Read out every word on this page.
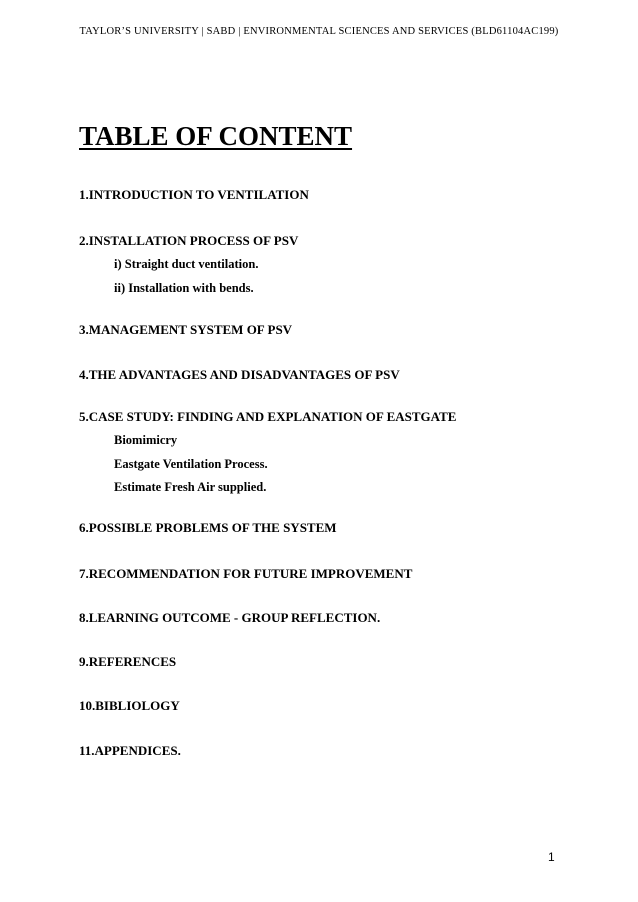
TAYLOR’S UNIVERSITY | SABD | ENVIRONMENTAL SCIENCES AND SERVICES (BLD61104AC199)
TABLE OF CONTENT
1.INTRODUCTION TO VENTILATION
2.INSTALLATION PROCESS OF PSV
i) Straight duct ventilation.
ii) Installation with bends.
3.MANAGEMENT SYSTEM OF PSV
4.THE ADVANTAGES AND DISADVANTAGES OF PSV
5.CASE STUDY: FINDING AND EXPLANATION OF EASTGATE
Biomimicry
Eastgate Ventilation Process.
Estimate Fresh Air supplied.
6.POSSIBLE PROBLEMS OF THE SYSTEM
7.RECOMMENDATION FOR FUTURE IMPROVEMENT
8.LEARNING OUTCOME - GROUP REFLECTION.
9.REFERENCES
10.BIBLIOLOGY
11.APPENDICES.
1
